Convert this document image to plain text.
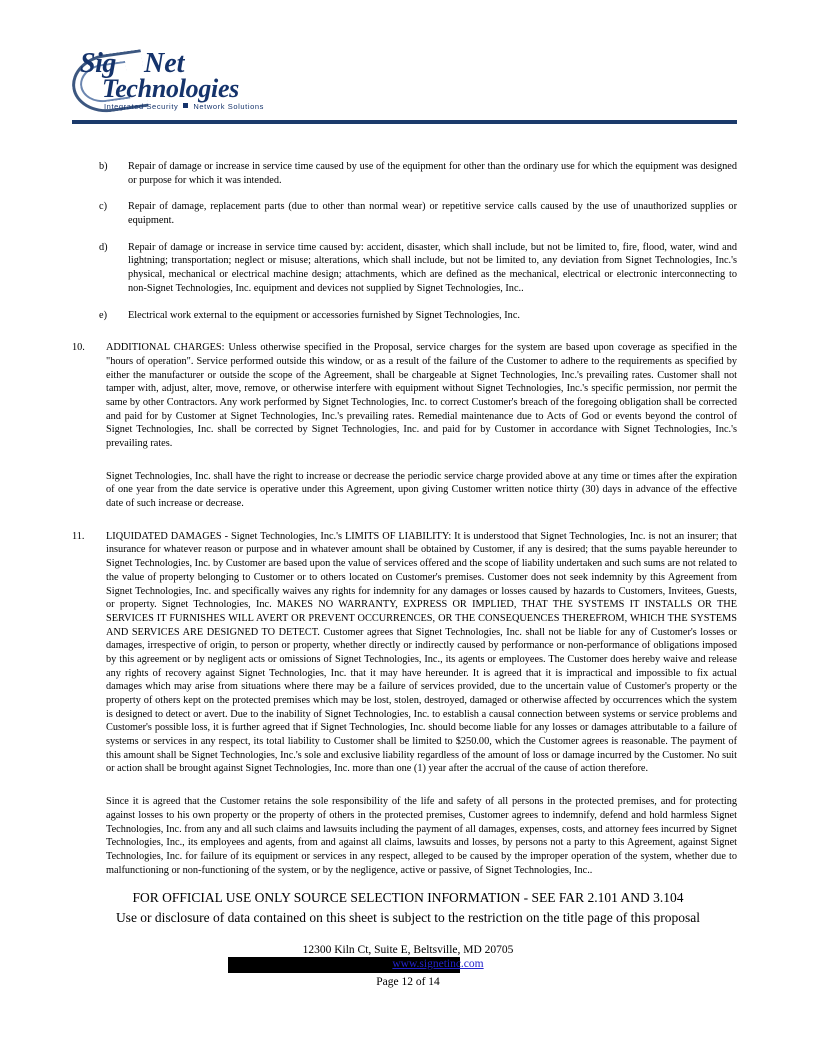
Sig Net
Technologies
Integrated Security Network Solutions
b)	Repair of damage or increase in service time caused by use of the equipment for other than the ordinary use for which the equipment was designed or purpose for which it was intended.
c)	Repair of damage, replacement parts (due to other than normal wear) or repetitive service calls caused by the use of unauthorized supplies or equipment.
d)	Repair of damage or increase in service time caused by: accident, disaster, which shall include, but not be limited to, fire, flood, water, wind and lightning; transportation; neglect or misuse; alterations, which shall include, but not be limited to, any deviation from Signet Technologies, Inc.'s physical, mechanical or electrical machine design; attachments, which are defined as the mechanical, electrical or electronic interconnecting to non-Signet Technologies, Inc. equipment and devices not supplied by Signet Technologies, Inc..
e)	Electrical work external to the equipment or accessories furnished by Signet Technologies, Inc.
10.	ADDITIONAL CHARGES: Unless otherwise specified in the Proposal, service charges for the system are based upon coverage as specified in the "hours of operation". Service performed outside this window, or as a result of the failure of the Customer to adhere to the requirements as specified by either the manufacturer or outside the scope of the Agreement, shall be chargeable at Signet Technologies, Inc.'s prevailing rates. Customer shall not tamper with, adjust, alter, move, remove, or otherwise interfere with equipment without Signet Technologies, Inc.'s specific permission, nor permit the same by other Contractors. Any work performed by Signet Technologies, Inc. to correct Customer's breach of the foregoing obligation shall be corrected and paid for by Customer at Signet Technologies, Inc.'s prevailing rates. Remedial maintenance due to Acts of God or events beyond the control of Signet Technologies, Inc. shall be corrected by Signet Technologies, Inc. and paid for by Customer in accordance with Signet Technologies, Inc.'s prevailing rates.
Signet Technologies, Inc. shall have the right to increase or decrease the periodic service charge provided above at any time or times after the expiration of one year from the date service is operative under this Agreement, upon giving Customer written notice thirty (30) days in advance of the effective date of such increase or decrease.
11.	LIQUIDATED DAMAGES - Signet Technologies, Inc.'s LIMITS OF LIABILITY: It is understood that Signet Technologies, Inc. is not an insurer; that insurance for whatever reason or purpose and in whatever amount shall be obtained by Customer, if any is desired; that the sums payable hereunder to Signet Technologies, Inc. by Customer are based upon the value of services offered and the scope of liability undertaken and such sums are not related to the value of property belonging to Customer or to others located on Customer's premises. Customer does not seek indemnity by this Agreement from Signet Technologies, Inc. and specifically waives any rights for indemnity for any damages or losses caused by hazards to Customers, Invitees, Guests, or property. Signet Technologies, Inc. MAKES NO WARRANTY, EXPRESS OR IMPLIED, THAT THE SYSTEMS IT INSTALLS OR THE SERVICES IT FURNISHES WILL AVERT OR PREVENT OCCURRENCES, OR THE CONSEQUENCES THEREFROM, WHICH THE SYSTEMS AND SERVICES ARE DESIGNED TO DETECT. Customer agrees that Signet Technologies, Inc. shall not be liable for any of Customer's losses or damages, irrespective of origin, to person or property, whether directly or indirectly caused by performance or non-performance of obligations imposed by this agreement or by negligent acts or omissions of Signet Technologies, Inc., its agents or employees. The Customer does hereby waive and release any rights of recovery against Signet Technologies, Inc. that it may have hereunder. It is agreed that it is impractical and impossible to fix actual damages which may arise from situations where there may be a failure of services provided, due to the uncertain value of Customer's property or the property of others kept on the protected premises which may be lost, stolen, destroyed, damaged or otherwise affected by occurrences which the system is designed to detect or avert. Due to the inability of Signet Technologies, Inc. to establish a causal connection between systems or service problems and Customer's possible loss, it is further agreed that if Signet Technologies, Inc. should become liable for any losses or damages attributable to a failure of systems or services in any respect, its total liability to Customer shall be limited to $250.00, which the Customer agrees is reasonable. The payment of this amount shall be Signet Technologies, Inc.'s sole and exclusive liability regardless of the amount of loss or damage incurred by the Customer. No suit or action shall be brought against Signet Technologies, Inc. more than one (1) year after the accrual of the cause of action therefore.
Since it is agreed that the Customer retains the sole responsibility of the life and safety of all persons in the protected premises, and for protecting against losses to his own property or the property of others in the protected premises, Customer agrees to indemnify, defend and hold harmless Signet Technologies, Inc. from any and all such claims and lawsuits including the payment of all damages, expenses, costs, and attorney fees incurred by Signet Technologies, Inc., its employees and agents, from and against all claims, lawsuits and losses, by persons not a party to this Agreement, against Signet Technologies, Inc. for failure of its equipment or services in any respect, alleged to be caused by the improper operation of the system, whether due to malfunctioning or non-functioning of the system, or by the negligence, active or passive, of Signet Technologies, Inc..
FOR OFFICIAL USE ONLY SOURCE SELECTION INFORMATION - SEE FAR 2.101 AND 3.104
Use or disclosure of data contained on this sheet is subject to the restriction on the title page of this proposal
12300 Kiln Ct, Suite E, Beltsville, MD 20705
www.signetinc.com
Page 12 of 14
